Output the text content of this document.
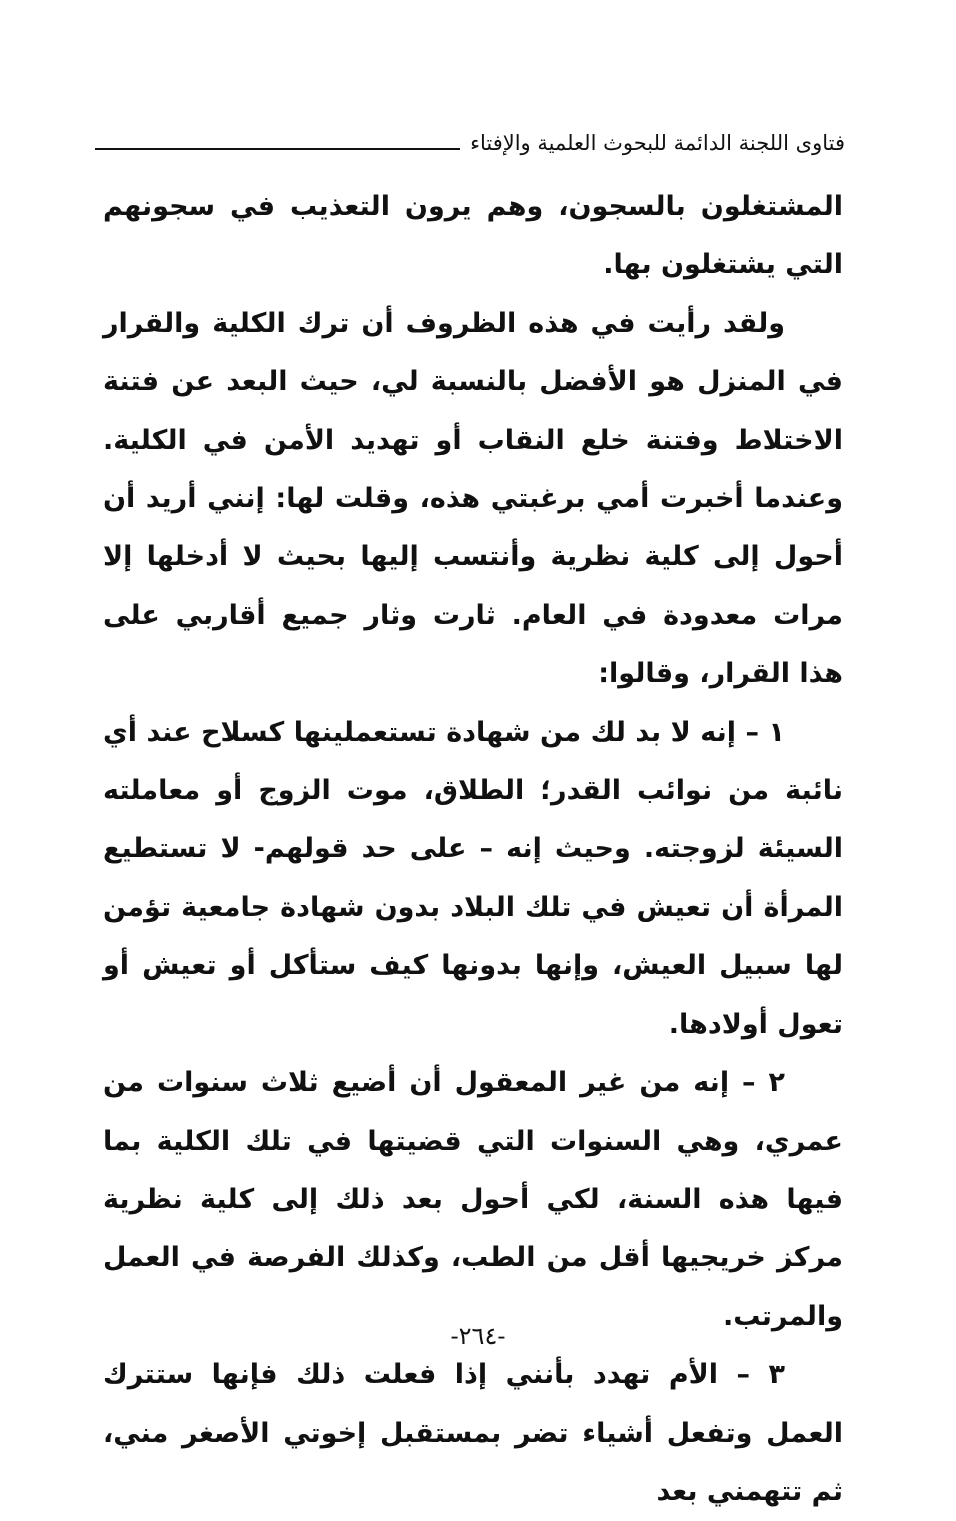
فتاوى اللجنة الدائمة للبحوث العلمية والإفتاء

المشتغلون بالسجون، وهم يرون التعذيب في سجونهم التي يشتغلون بها.

ولقد رأيت في هذه الظروف أن ترك الكلية والقرار في المنزل هو الأفضل بالنسبة لي، حيث البعد عن فتنة الاختلاط وفتنة خلع النقاب أو تهديد الأمن في الكلية. وعندما أخبرت أمي برغبتي هذه، وقلت لها: إنني أريد أن أحول إلى كلية نظرية وأنتسب إليها بحيث لا أدخلها إلا مرات معدودة في العام. ثارت وثار جميع أقاربي على هذا القرار، وقالوا:

١ – إنه لا بد لك من شهادة تستعملينها كسلاح عند أي نائبة من نوائب القدر؛ الطلاق، موت الزوج أو معاملته السيئة لزوجته. وحيث إنه – على حد قولهم- لا تستطيع المرأة أن تعيش في تلك البلاد بدون شهادة جامعية تؤمن لها سبيل العيش، وإنها بدونها كيف ستأكل أو تعيش أو تعول أولادها.

٢ – إنه من غير المعقول أن أضيع ثلاث سنوات من عمري، وهي السنوات التي قضيتها في تلك الكلية بما فيها هذه السنة، لكي أحول بعد ذلك إلى كلية نظرية مركز خريجيها أقل من الطب، وكذلك الفرصة في العمل والمرتب.

٣ – الأم تهدد بأنني إذا فعلت ذلك فإنها ستترك العمل وتفعل أشياء تضر بمستقبل إخوتي الأصغر مني، ثم تتهمني بعد

-٢٦٤-
